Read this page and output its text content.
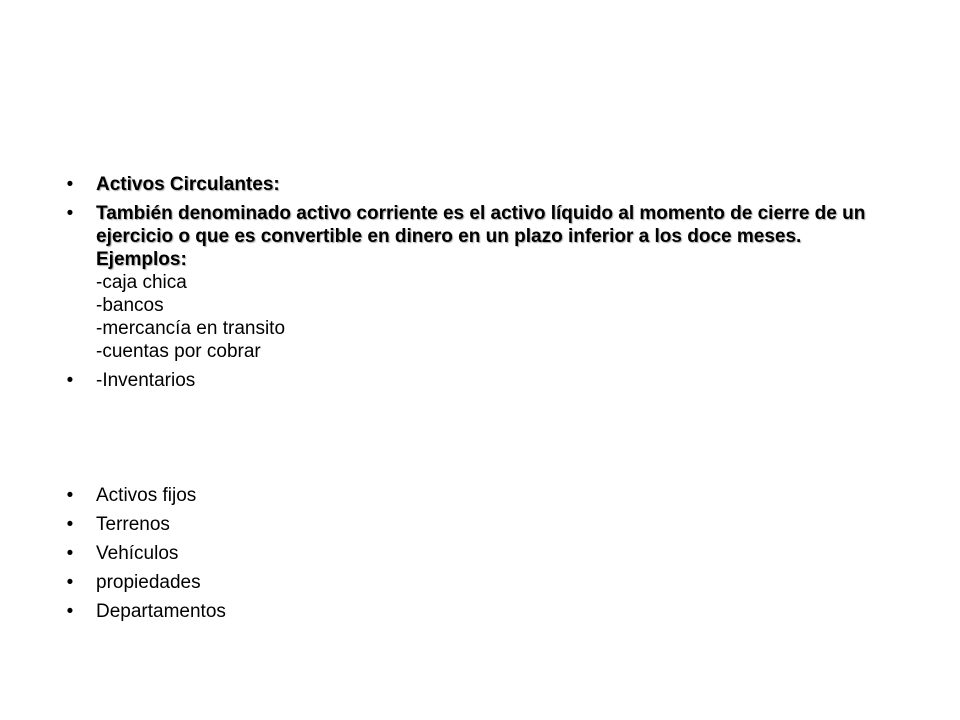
•	Activos Circulantes:
•	También denominado activo corriente es el activo líquido al momento de cierre de un ejercicio o que es convertible en dinero en un plazo inferior a los doce meses.
Ejemplos:
-caja chica
-bancos
-mercancía en transito
-cuentas por cobrar
•	-Inventarios
•	Activos fijos
•	Terrenos
•	Vehículos
•	propiedades
•	Departamentos
